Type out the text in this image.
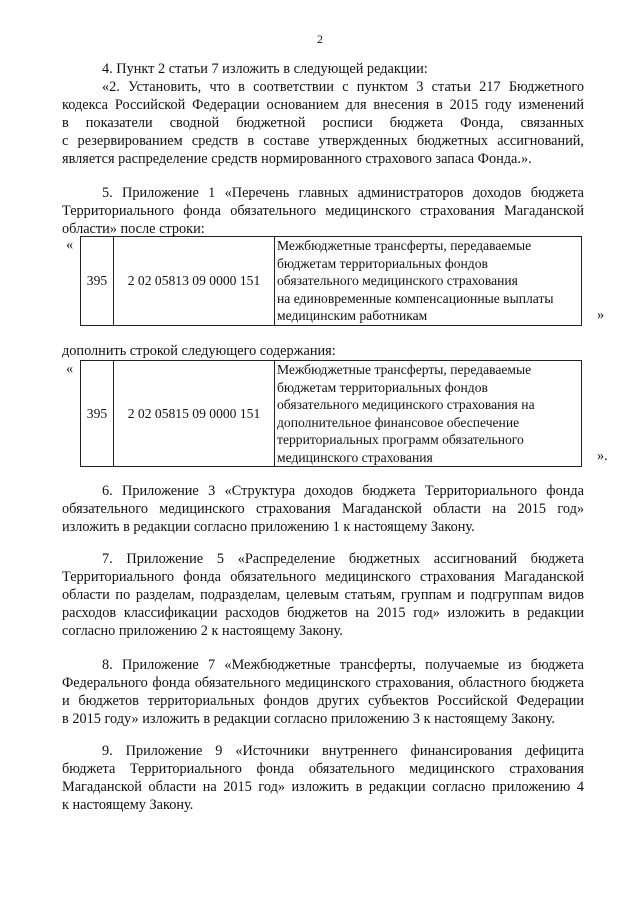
2
4. Пункт 2 статьи 7 изложить в следующей редакции:
«2. Установить, что в соответствии с пунктом 3 статьи 217 Бюджетного
кодекса Российской Федерации основанием для внесения в 2015 году изменений
в показатели сводной бюджетной росписи бюджета Фонда, связанных
с резервированием средств в составе утвержденных бюджетных ассигнований,
является распределение средств нормированного страхового запаса Фонда.».
5. Приложение 1 «Перечень главных администраторов доходов бюджета
Территориального фонда обязательного медицинского страхования Магаданской
области» после строки:
«
395	2 02 05813 09 0000 151	
Межбюджетные трансферты, передаваемые
бюджетам территориальных фондов
обязательного медицинского страхования
на единовременные компенсационные выплаты
медицинским работникам	»
дополнить строкой следующего содержания:
«
395	2 02 05815 09 0000 151	
Межбюджетные трансферты, передаваемые
бюджетам территориальных фондов
обязательного медицинского страхования на
дополнительное финансовое обеспечение
территориальных программ обязательного
медицинского страхования	».
6. Приложение 3 «Структура доходов бюджета Территориального фонда
обязательного медицинского страхования Магаданской области на 2015 год»
изложить в редакции согласно приложению 1 к настоящему Закону.
7. Приложение 5 «Распределение бюджетных ассигнований бюджета
Территориального фонда обязательного медицинского страхования Магаданской
области по разделам, подразделам, целевым статьям, группам и подгруппам видов
расходов классификации расходов бюджетов на 2015 год» изложить в редакции
согласно приложению 2 к настоящему Закону.
8. Приложение 7 «Межбюджетные трансферты, получаемые из бюджета
Федерального фонда обязательного медицинского страхования, областного бюджета
и бюджетов территориальных фондов других субъектов Российской Федерации
в 2015 году» изложить в редакции согласно приложению 3 к настоящему Закону.
9. Приложение 9 «Источники внутреннего финансирования дефицита
бюджета Территориального фонда обязательного медицинского страхования
Магаданской области на 2015 год» изложить в редакции согласно приложению 4
к настоящему Закону.
